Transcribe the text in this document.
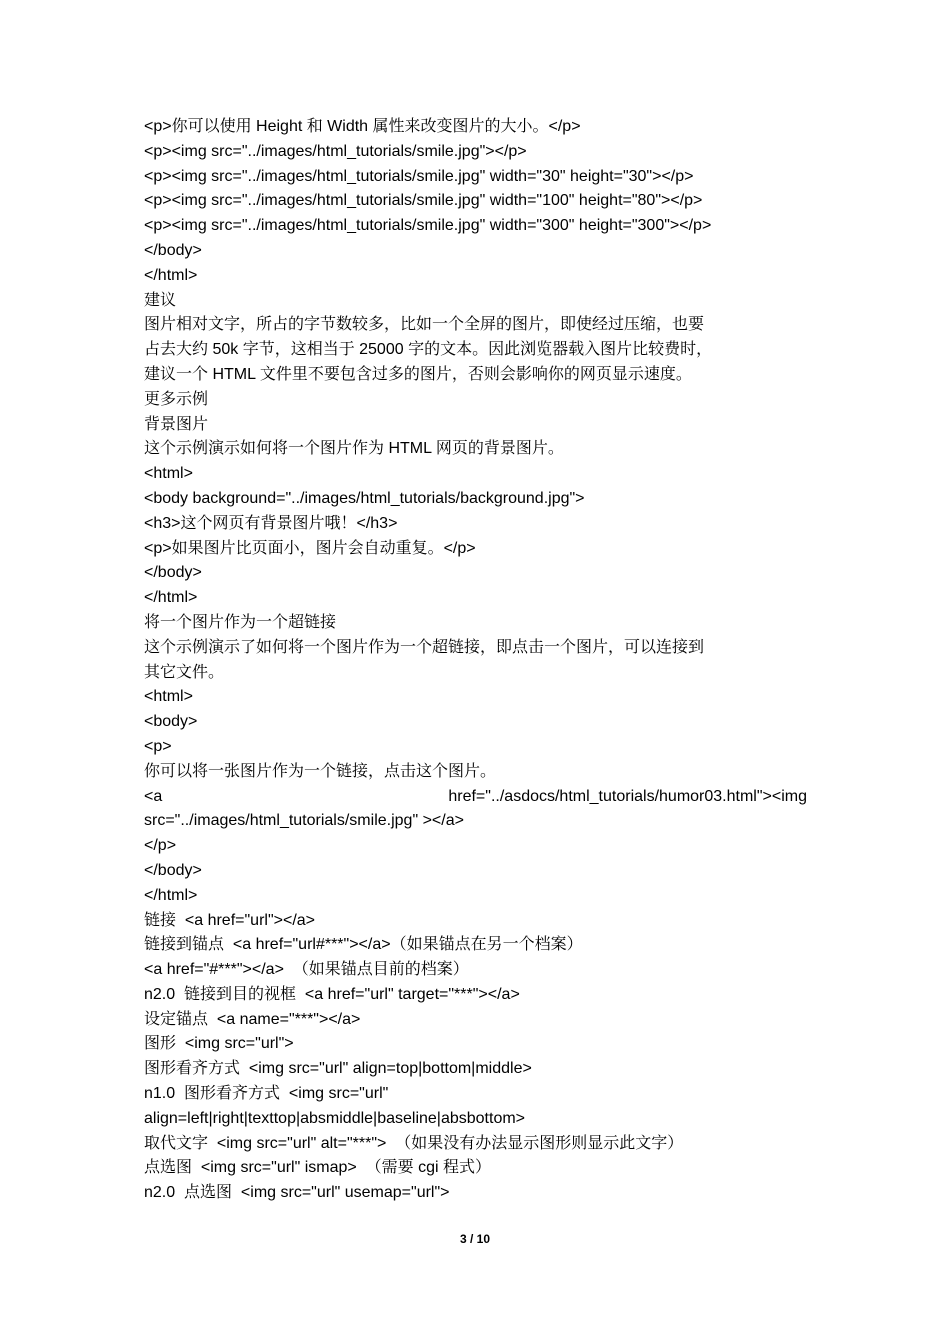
<p>你可以使用 Height 和 Width 属性来改变图片的大小。</p>
<p><img src="../images/html_tutorials/smile.jpg"></p>
<p><img src="../images/html_tutorials/smile.jpg" width="30" height="30"></p>
<p><img src="../images/html_tutorials/smile.jpg" width="100" height="80"></p>
<p><img src="../images/html_tutorials/smile.jpg" width="300" height="300"></p>
</body>
</html>
建议
图片相对文字，所占的字节数较多，比如一个全屏的图片，即使经过压缩，也要
占去大约 50k 字节，这相当于 25000 字的文本。因此浏览器载入图片比较费时，
建议一个 HTML 文件里不要包含过多的图片，否则会影响你的网页显示速度。
更多示例
背景图片
这个示例演示如何将一个图片作为 HTML 网页的背景图片。
<html>
<body background="../images/html_tutorials/background.jpg">
<h3>这个网页有背景图片哦！</h3>
<p>如果图片比页面小，图片会自动重复。</p>
</body>
</html>
将一个图片作为一个超链接
这个示例演示了如何将一个图片作为一个超链接，即点击一个图片，可以连接到
其它文件。
<html>
<body>
<p>
你可以将一张图片作为一个链接，点击这个图片。
<a	href="../asdocs/html_tutorials/humor03.html"><img
src="../images/html_tutorials/smile.jpg" ></a>
</p>
</body>
</html>
链接  <a href="url"></a>
链接到锚点  <a href="url#***"></a>（如果锚点在另一个档案）
<a href="#***"></a>  （如果锚点目前的档案）
n2.0  链接到目的视框  <a href="url" target="***"></a>
设定锚点  <a name="***"></a>
图形  <img src="url">
图形看齐方式  <img src="url" align=top|bottom|middle>
n1.0  图形看齐方式  <img src="url"
align=left|right|texttop|absmiddle|baseline|absbottom>
取代文字  <img src="url" alt="***">  （如果没有办法显示图形则显示此文字）
点选图  <img src="url" ismap>  （需要 cgi 程式）
n2.0  点选图  <img src="url" usemap="url">
3 / 10
